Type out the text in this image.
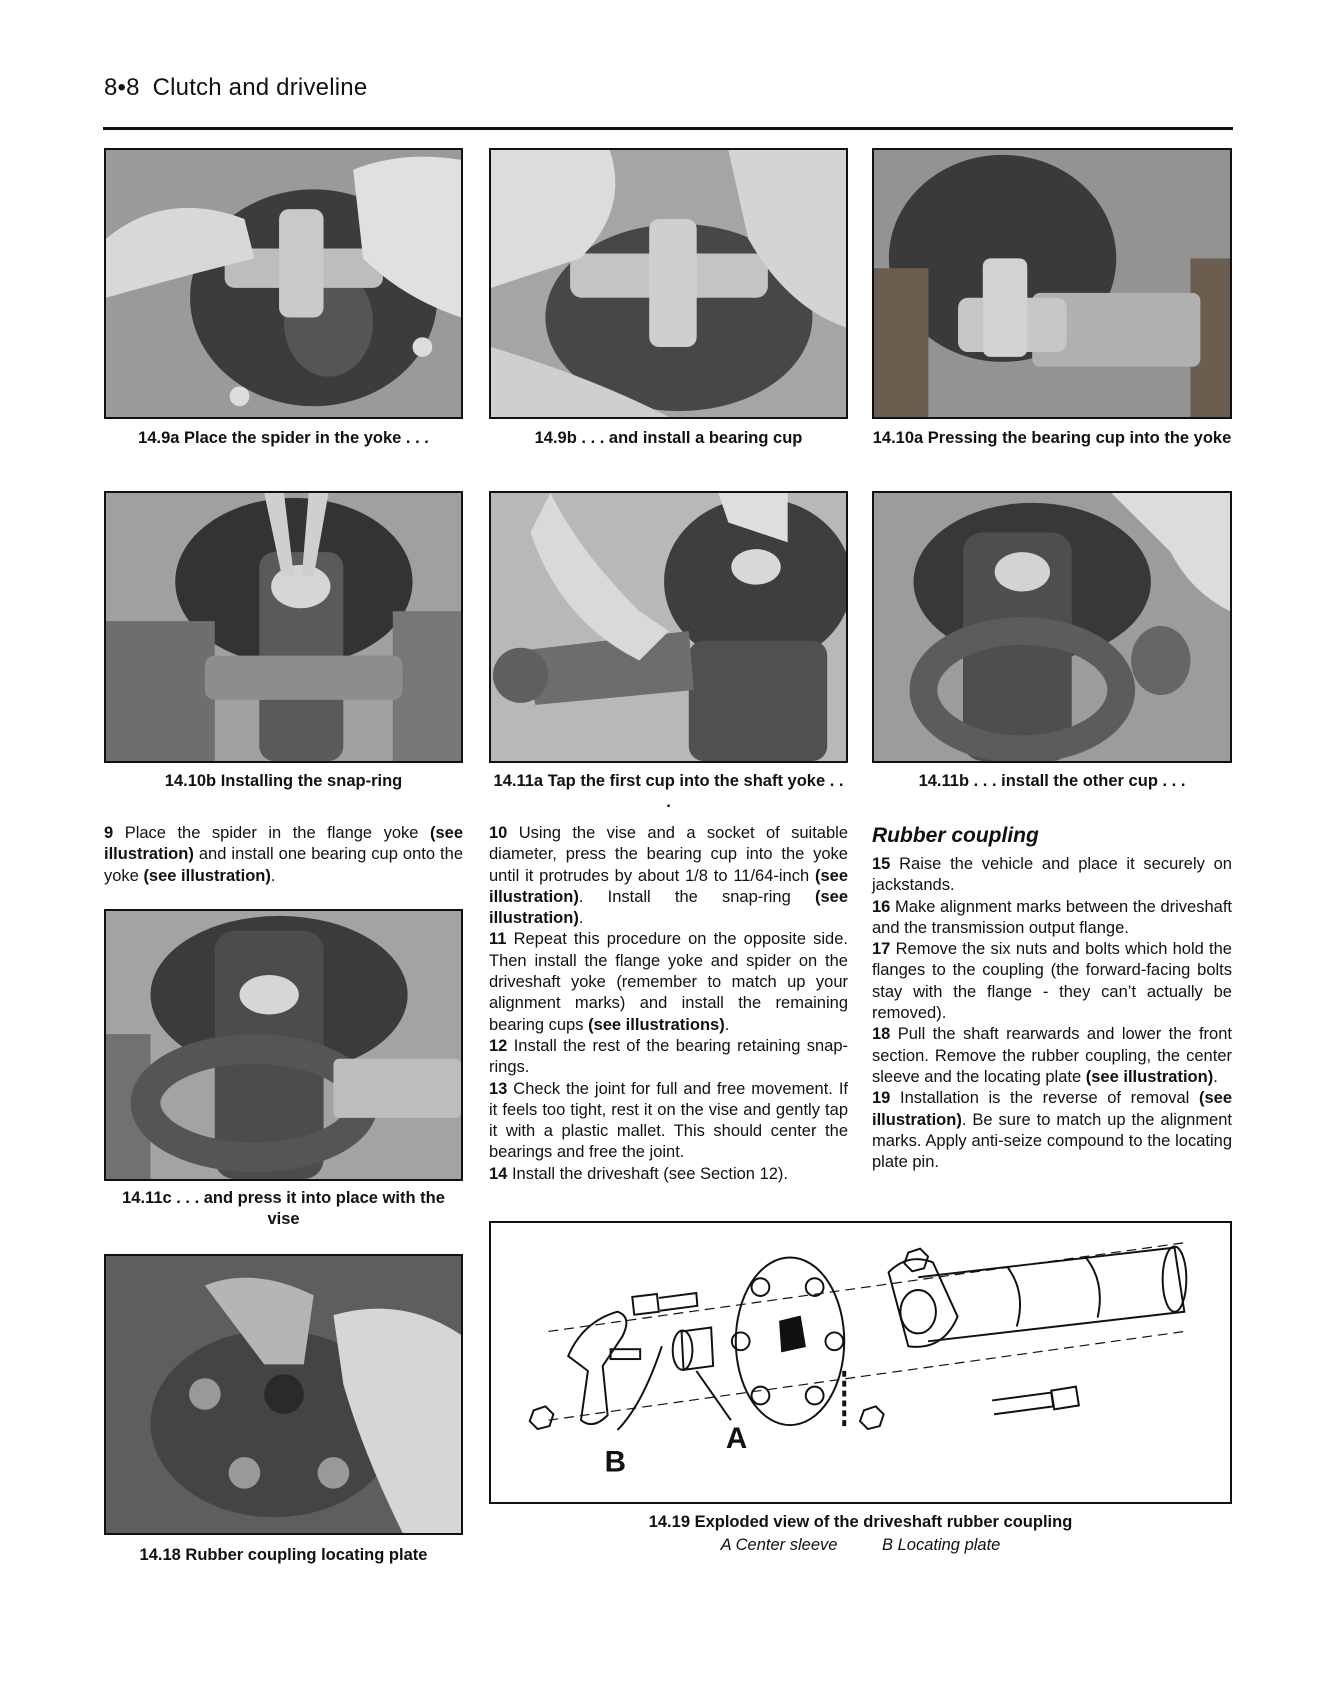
8•8 Clutch and driveline
14.9a Place the spider in the yoke . . .	14.9b . . . and install a bearing cup	14.10a Pressing the bearing cup into the yoke
14.10b Installing the snap-ring	14.11a Tap the first cup into the shaft yoke . . .
14.11b . . . install the other cup . . .

9 Place the spider in the flange yoke (see illustration) and install one bearing cup onto the yoke (see illustration).

14.11c . . . and press it into place with the vise
14.18 Rubber coupling locating plate

10 Using the vise and a socket of suitable diameter, press the bearing cup into the yoke until it protrudes by about 1/8 to 11/64-inch (see illustration). Install the snap-ring (see illustration).

11 Repeat this procedure on the opposite side. Then install the flange yoke and spider on the driveshaft yoke (remember to match up your alignment marks) and install the remaining bearing cups (see illustrations).

12 Install the rest of the bearing retaining snap-rings.

13 Check the joint for full and free movement. If it feels too tight, rest it on the vise and gently tap it with a plastic mallet. This should center the bearings and free the joint.

14 Install the driveshaft (see Section 12).

Rubber coupling

15 Raise the vehicle and place it securely on jackstands.

16 Make alignment marks between the driveshaft and the transmission output flange.

17 Remove the six nuts and bolts which hold the flanges to the coupling (the forward-facing bolts stay with the flange - they can’t actually be removed).

18 Pull the shaft rearwards and lower the front section. Remove the rubber coupling, the center sleeve and the locating plate (see illustration).

19 Installation is the reverse of removal (see illustration). Be sure to match up the alignment marks. Apply anti-seize compound to the locating plate pin.

A
B
14.19 Exploded view of the driveshaft rubber coupling
A Center sleeve	B Locating plate
